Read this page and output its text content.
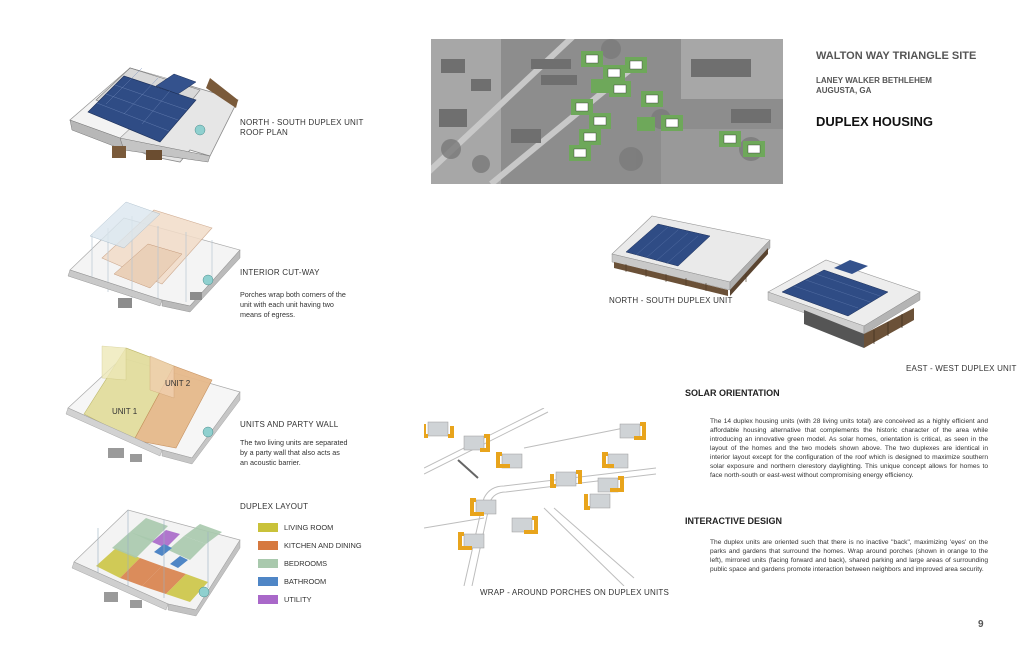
NORTH - SOUTH DUPLEX UNIT
ROOF PLAN
INTERIOR CUT-WAY
Porches wrap both corners of the unit with each unit having two means of egress.
UNIT 1
UNIT 2
UNITS AND PARTY WALL
The two living units are separated by a party wall that also acts as an acoustic barrier.
DUPLEX LAYOUT
LIVING ROOM
KITCHEN AND DINING
BEDROOMS
BATHROOM
UTILITY
WALTON WAY TRIANGLE SITE
LANEY WALKER BETHLEHEM
AUGUSTA, GA
DUPLEX HOUSING
NORTH - SOUTH DUPLEX UNIT
EAST - WEST DUPLEX UNIT
WRAP - AROUND PORCHES ON DUPLEX UNITS
SOLAR ORIENTATION
The 14 duplex housing units (with 28 living units total) are conceived as a highly efficient and affordable housing alternative that complements the historic character of the area while introducing an innovative green model. As solar homes, orientation is critical, as seen in the layout of the homes and the two models shown above. The two duplexes are identical in interior layout except for the configuration of the roof which is designed to maximize southern solar exposure and northern clerestory daylighting. This unique concept allows for homes to face north-south or east-west without compromising energy efficiency.
INTERACTIVE DESIGN
The duplex units are oriented such that there is no inactive "back", maximizing 'eyes' on the parks and gardens that surround the homes. Wrap around porches (shown in orange to the left), mirrored units (facing forward and back), shared parking and large areas of surrounding public space and gardens promote interaction between neighbors and improved area security.
9
